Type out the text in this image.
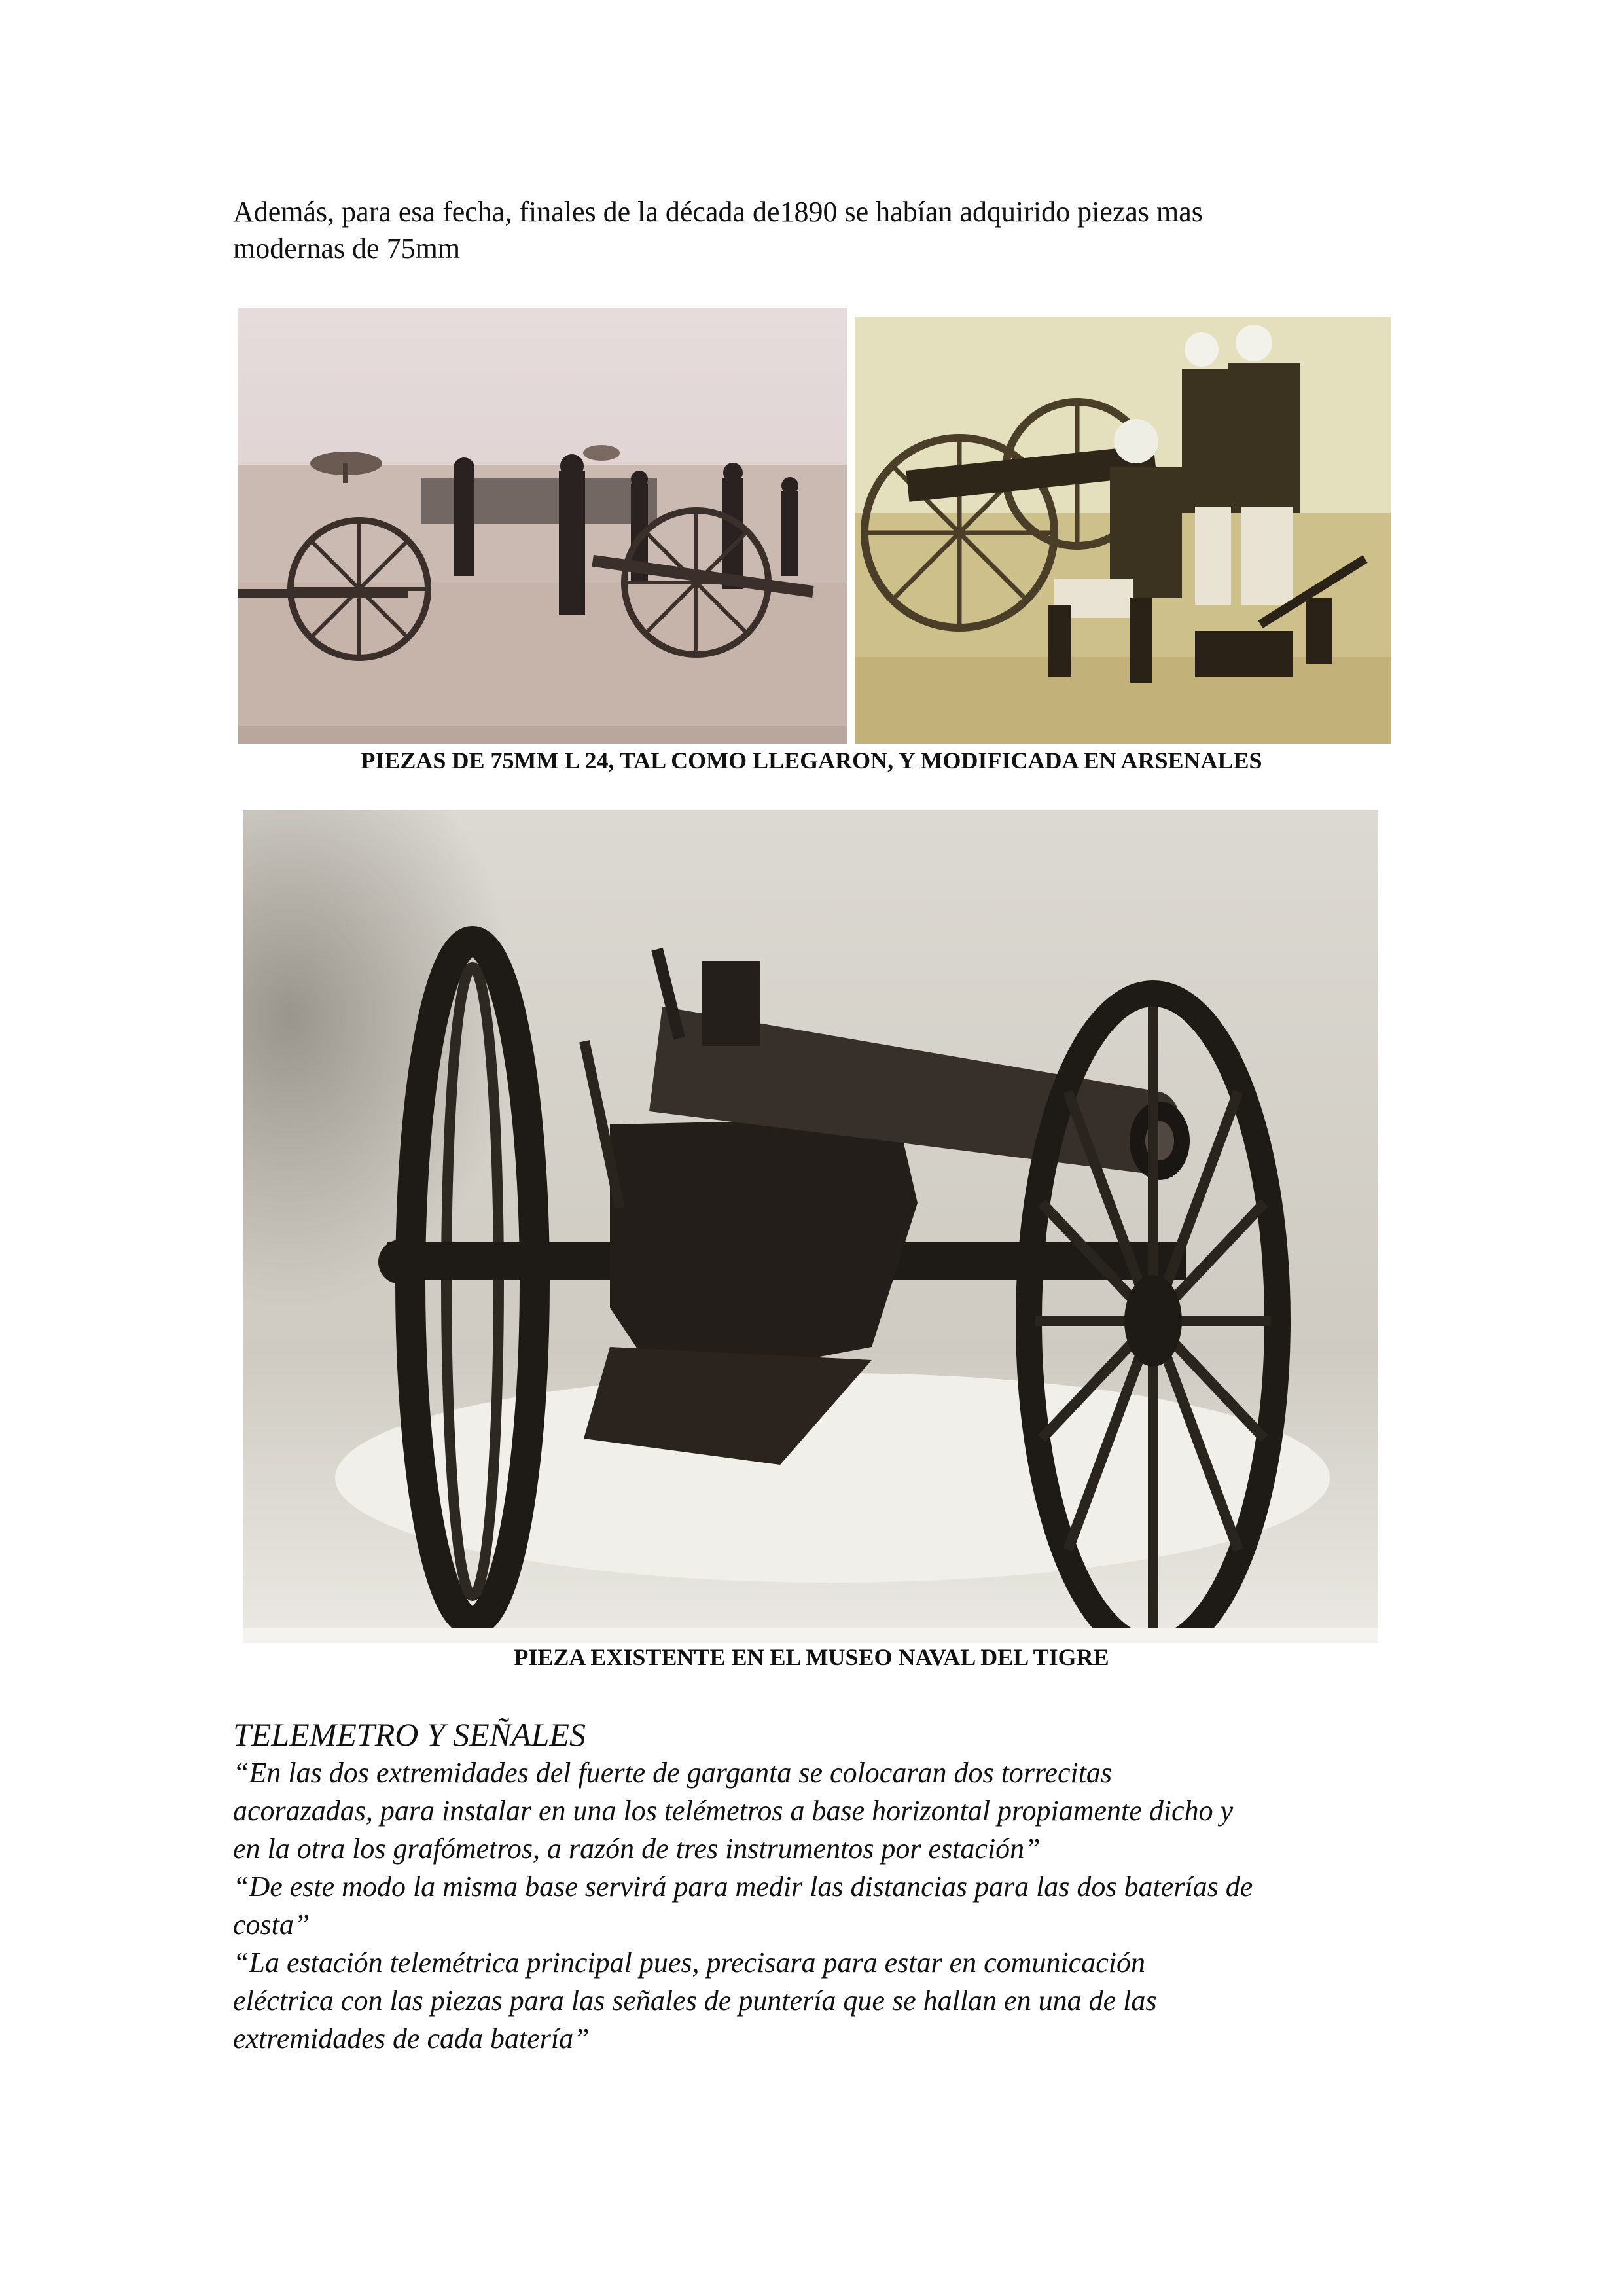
Además, para esa fecha, finales de la década de1890 se habían adquirido piezas mas
modernas de 75mm

PIEZAS DE 75MM L 24, TAL COMO LLEGARON, Y MODIFICADA EN ARSENALES

PIEZA EXISTENTE EN EL MUSEO NAVAL DEL TIGRE

TELEMETRO Y SEÑALES

“En las dos extremidades del fuerte de garganta se colocaran dos torrecitas
acorazadas, para instalar en una los telémetros a base horizontal propiamente dicho y
en la otra los grafómetros, a razón de tres instrumentos por estación”

“De este modo la misma base servirá para medir las distancias para las dos baterías de
costa”

“La estación telemétrica principal pues, precisara para estar en comunicación
eléctrica con las piezas para las señales de puntería que se hallan en una de las
extremidades de cada batería”
